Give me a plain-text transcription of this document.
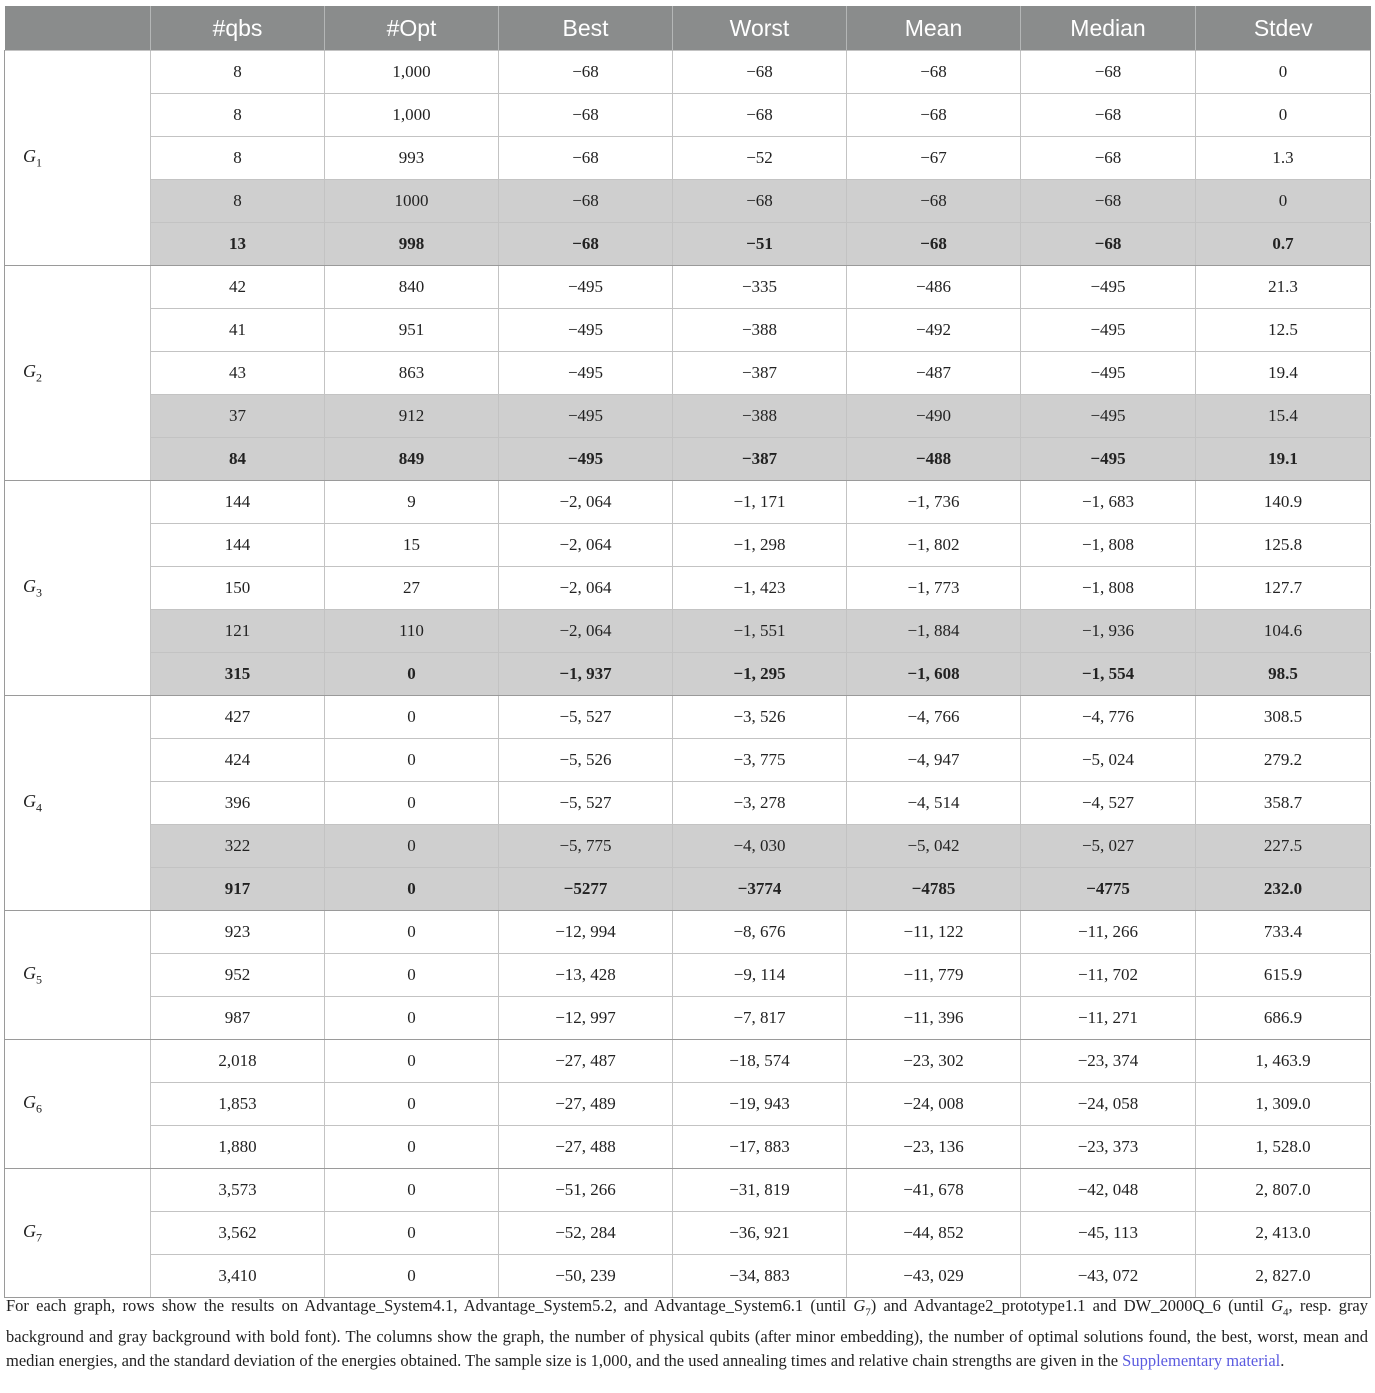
	#qbs	#Opt	Best	Worst	Mean	Median	Stdev
$G_1$	8	1,000	−68	−68	−68	−68	0
	8	1,000	−68	−68	−68	−68	0
	8	993	−68	−52	−67	−68	1.3
	8	1000	−68	−68	−68	−68	0
	13	998	−68	−51	−68	−68	0.7
$G_2$	42	840	−495	−335	−486	−495	21.3
	41	951	−495	−388	−492	−495	12.5
	43	863	−495	−387	−487	−495	19.4
	37	912	−495	−388	−490	−495	15.4
	84	849	−495	−387	−488	−495	19.1
$G_3$	144	9	−2, 064	−1, 171	−1, 736	−1, 683	140.9
	144	15	−2, 064	−1, 298	−1, 802	−1, 808	125.8
	150	27	−2, 064	−1, 423	−1, 773	−1, 808	127.7
	121	110	−2, 064	−1, 551	−1, 884	−1, 936	104.6
	315	0	−1, 937	−1, 295	−1, 608	−1, 554	98.5
$G_4$	427	0	−5, 527	−3, 526	−4, 766	−4, 776	308.5
	424	0	−5, 526	−3, 775	−4, 947	−5, 024	279.2
	396	0	−5, 527	−3, 278	−4, 514	−4, 527	358.7
	322	0	−5, 775	−4, 030	−5, 042	−5, 027	227.5
	917	0	−5277	−3774	−4785	−4775	232.0
$G_5$	923	0	−12, 994	−8, 676	−11, 122	−11, 266	733.4
	952	0	−13, 428	−9, 114	−11, 779	−11, 702	615.9
	987	0	−12, 997	−7, 817	−11, 396	−11, 271	686.9
$G_6$	2,018	0	−27, 487	−18, 574	−23, 302	−23, 374	1, 463.9
	1,853	0	−27, 489	−19, 943	−24, 008	−24, 058	1, 309.0
	1,880	0	−27, 488	−17, 883	−23, 136	−23, 373	1, 528.0
$G_7$	3,573	0	−51, 266	−31, 819	−41, 678	−42, 048	2, 807.0
	3,562	0	−52, 284	−36, 921	−44, 852	−45, 113	2, 413.0
	3,410	0	−50, 239	−34, 883	−43, 029	−43, 072	2, 827.0

For each graph, rows show the results on Advantage_System4.1, Advantage_System5.2, and Advantage_System6.1 (until $G_7$) and Advantage2_prototype1.1 and DW_2000Q_6 (until $G_4$, resp. gray background and gray background with bold font). The columns show the graph, the number of physical qubits (after minor embedding), the number of optimal solutions found, the best, worst, mean and median energies, and the standard deviation of the energies obtained. The sample size is 1,000, and the used annealing times and relative chain strengths are given in the Supplementary material.
